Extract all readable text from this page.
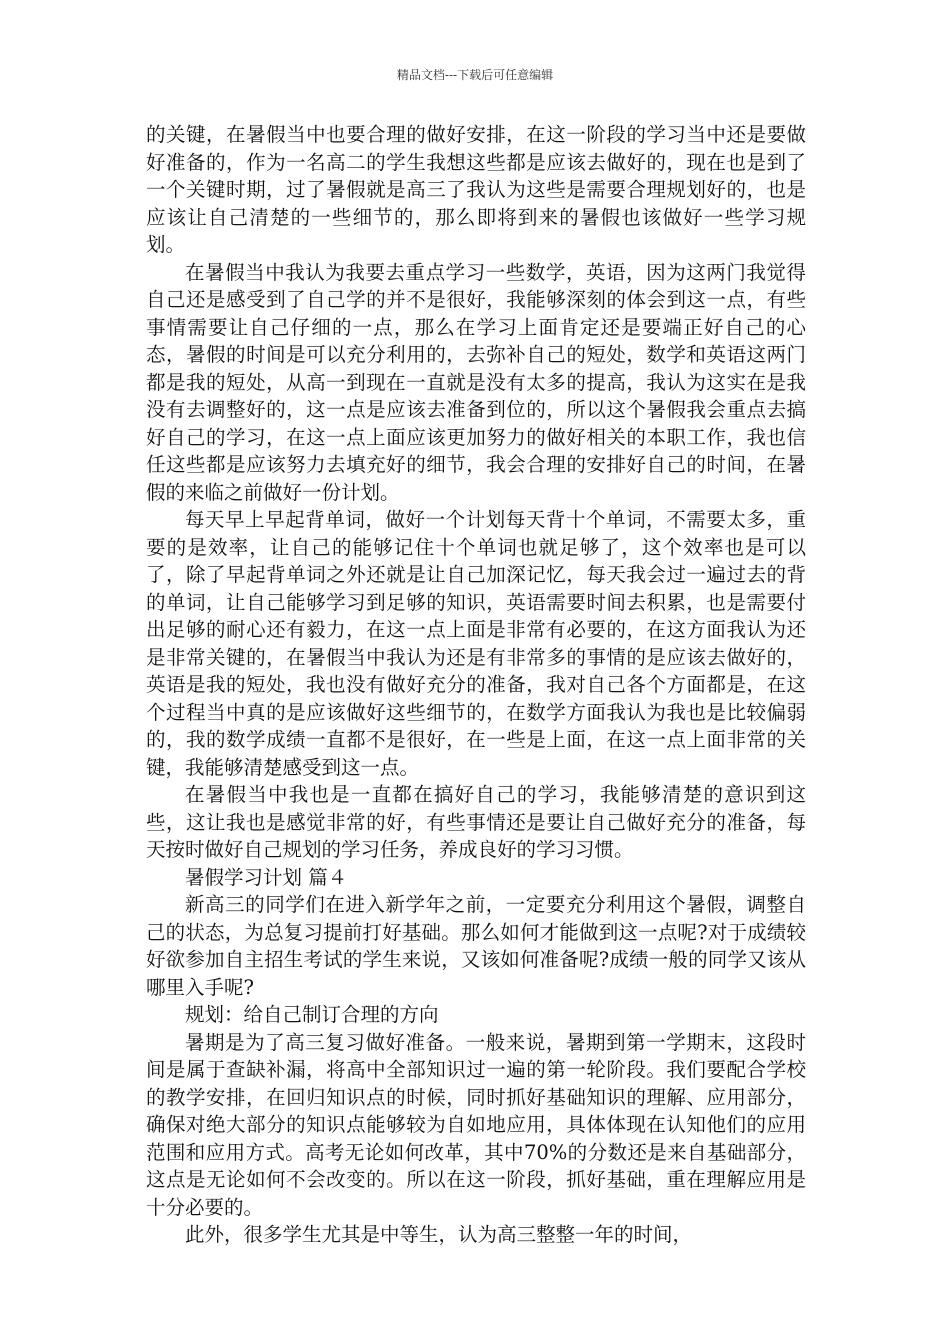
精品文档---下载后可任意编辑

的关键，在暑假当中也要合理的做好安排，在这一阶段的学习当中还是要做好准备的，作为一名高二的学生我想这些都是应该去做好的，现在也是到了一个关键时期，过了暑假就是高三了我认为这些是需要合理规划好的，也是应该让自己清楚的一些细节的，那么即将到来的暑假也该做好一些学习规划。

在暑假当中我认为我要去重点学习一些数学，英语，因为这两门我觉得自己还是感受到了自己学的并不是很好，我能够深刻的体会到这一点，有些事情需要让自己仔细的一点，那么在学习上面肯定还是要端正好自己的心态，暑假的时间是可以充分利用的，去弥补自己的短处，数学和英语这两门都是我的短处，从高一到现在一直就是没有太多的提高，我认为这实在是我没有去调整好的，这一点是应该去准备到位的，所以这个暑假我会重点去搞好自己的学习，在这一点上面应该更加努力的做好相关的本职工作，我也信任这些都是应该努力去填充好的细节，我会合理的安排好自己的时间，在暑假的来临之前做好一份计划。

每天早上早起背单词，做好一个计划每天背十个单词，不需要太多，重要的是效率，让自己的能够记住十个单词也就足够了，这个效率也是可以了，除了早起背单词之外还就是让自己加深记忆，每天我会过一遍过去的背的单词，让自己能够学习到足够的知识，英语需要时间去积累，也是需要付出足够的耐心还有毅力，在这一点上面是非常有必要的，在这方面我认为还是非常关键的，在暑假当中我认为还是有非常多的事情的是应该去做好的，英语是我的短处，我也没有做好充分的准备，我对自己各个方面都是，在这个过程当中真的是应该做好这些细节的，在数学方面我认为我也是比较偏弱的，我的数学成绩一直都不是很好，在一些是上面，在这一点上面非常的关键，我能够清楚感受到这一点。

在暑假当中我也是一直都在搞好自己的学习，我能够清楚的意识到这些，这让我也是感觉非常的好，有些事情还是要让自己做好充分的准备，每天按时做好自己规划的学习任务，养成良好的学习习惯。

暑假学习计划 篇４

新高三的同学们在进入新学年之前，一定要充分利用这个暑假，调整自己的状态，为总复习提前打好基础。那么如何才能做到这一点呢?对于成绩较好欲参加自主招生考试的学生来说，又该如何准备呢?成绩一般的同学又该从哪里入手呢?

规划：给自己制订合理的方向

暑期是为了高三复习做好准备。一般来说，暑期到第一学期末，这段时间是属于查缺补漏，将高中全部知识过一遍的第一轮阶段。我们要配合学校的教学安排，在回归知识点的时候，同时抓好基础知识的理解、应用部分，确保对绝大部分的知识点能够较为自如地应用，具体体现在认知他们的应用范围和应用方式。高考无论如何改革，其中70%的分数还是来自基础部分，这点是无论如何不会改变的。所以在这一阶段，抓好基础，重在理解应用是十分必要的。

此外，很多学生尤其是中等生，认为高三整整一年的时间，
